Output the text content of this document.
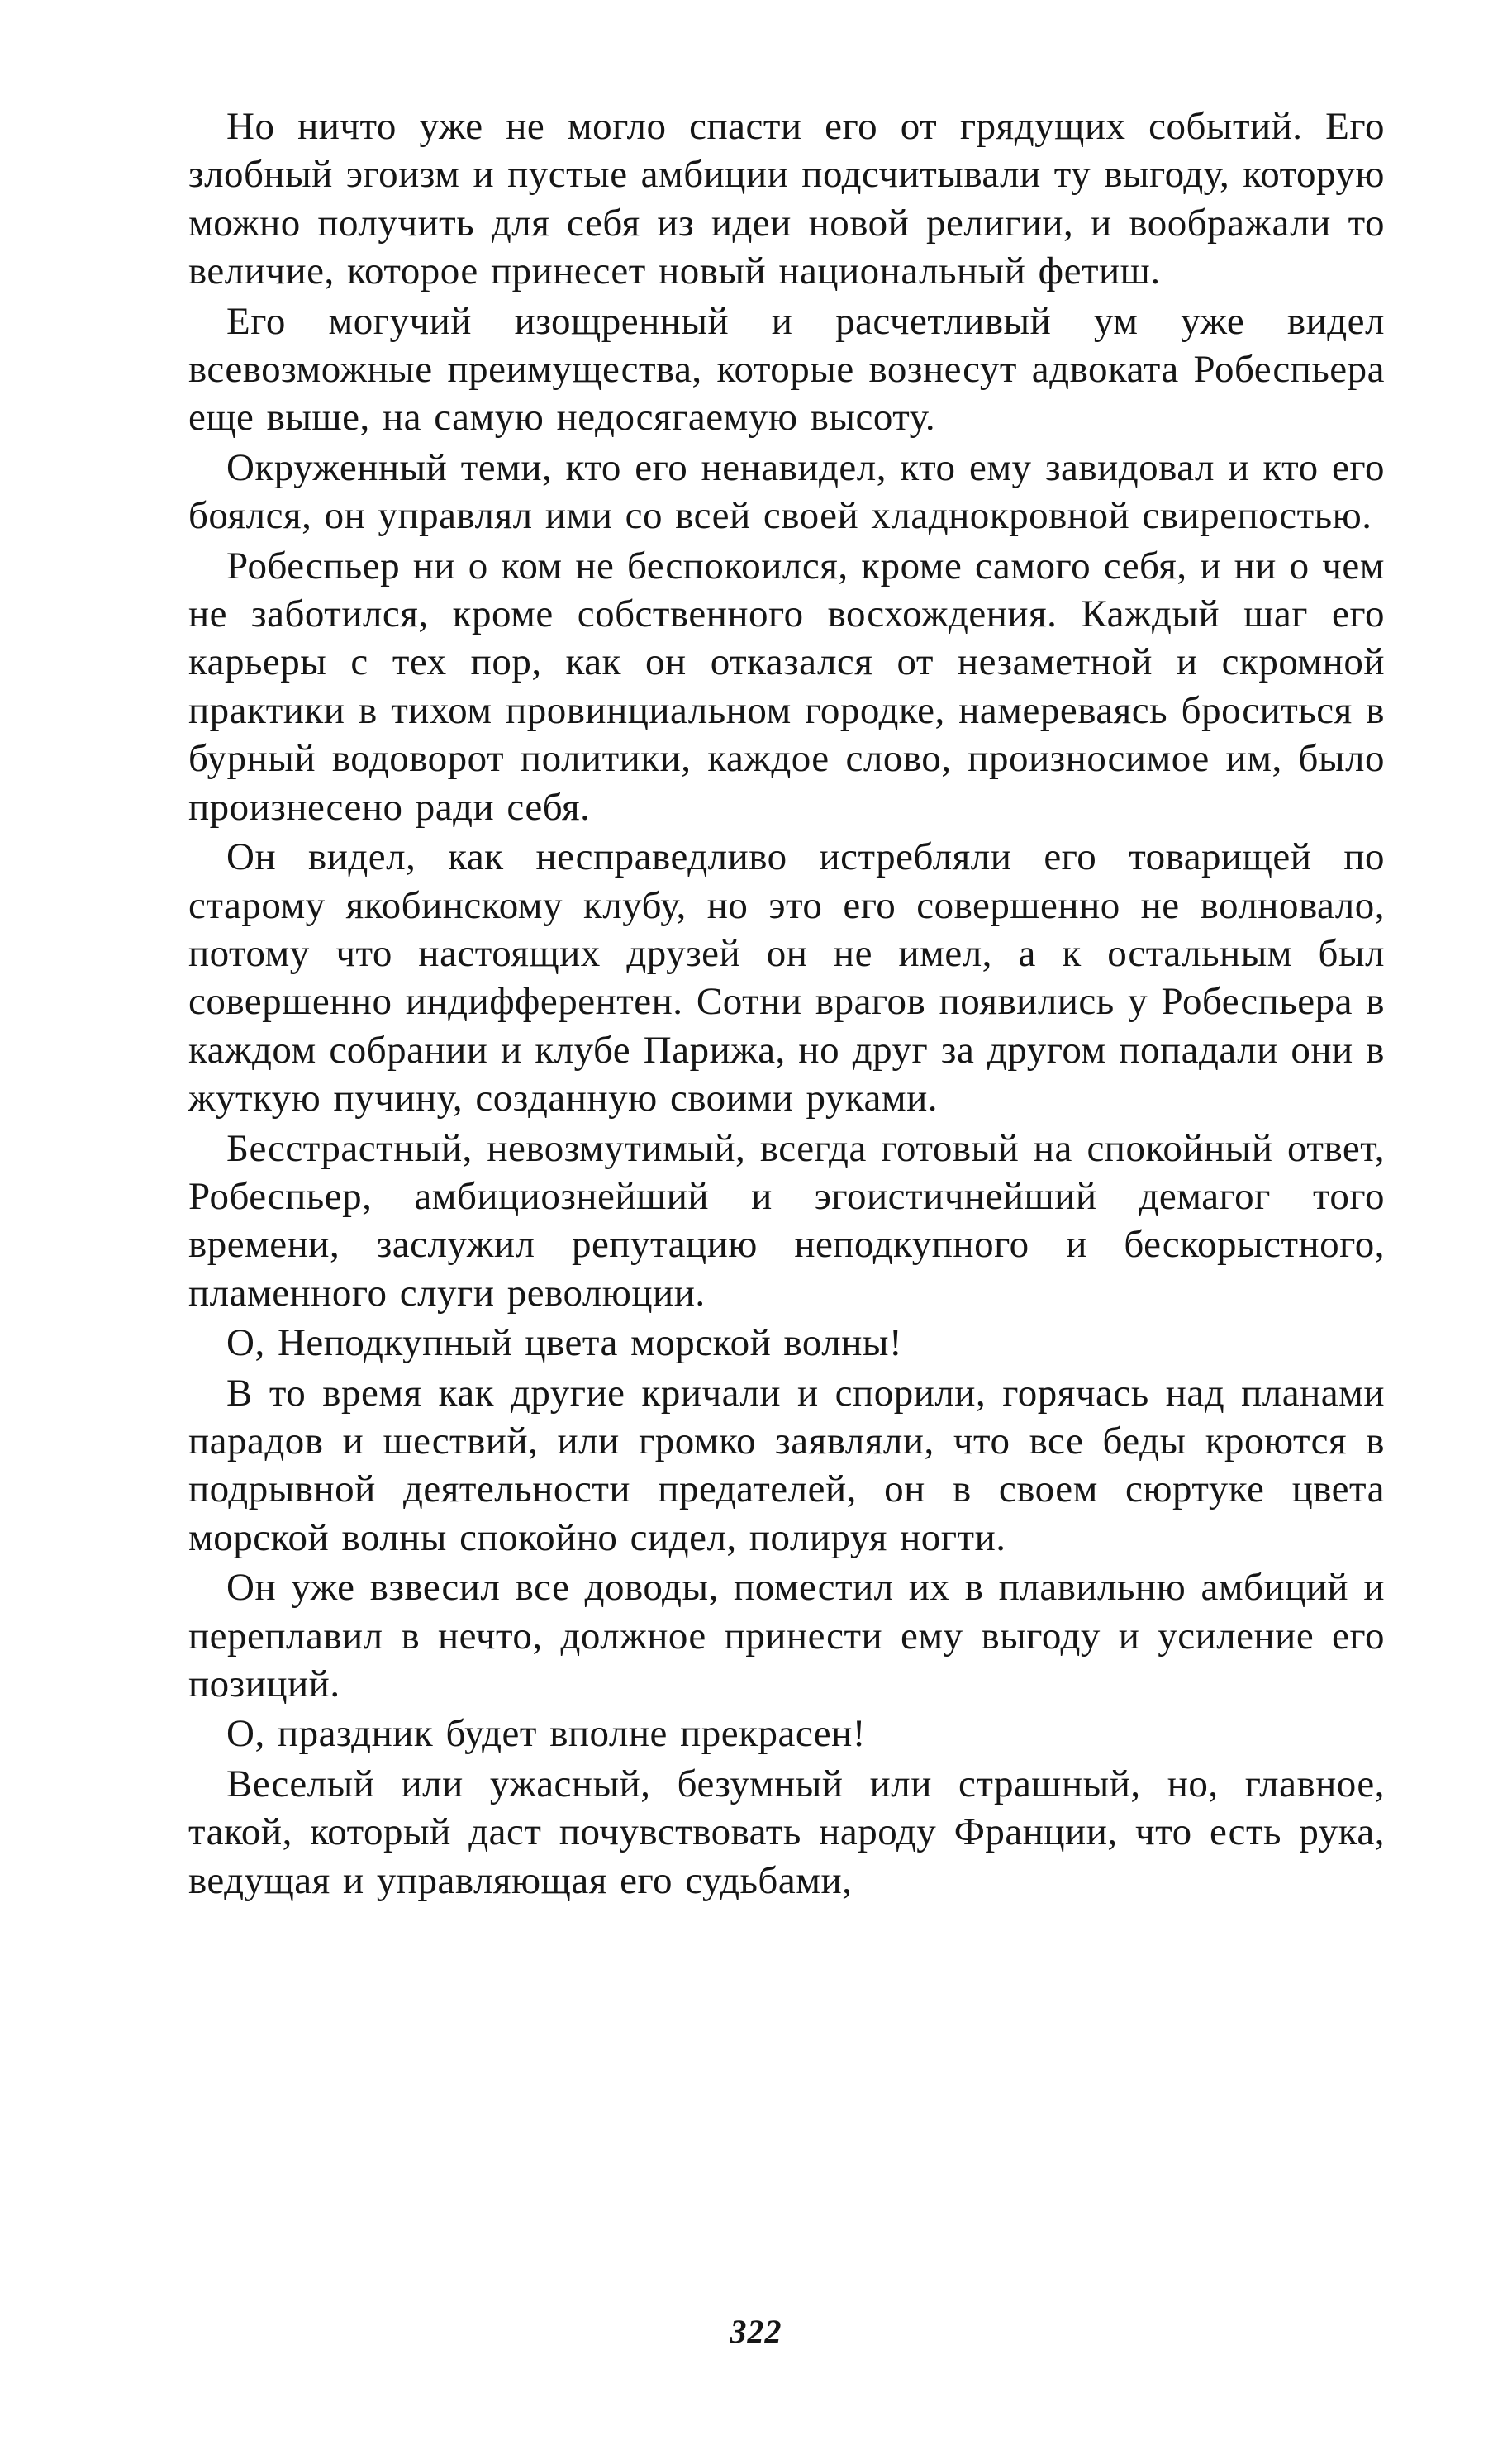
Но ничто уже не могло спасти его от грядущих событий. Его злобный эгоизм и пустые амбиции подсчитывали ту выгоду, которую можно получить для себя из идеи новой религии, и воображали то величие, которое принесет новый национальный фетиш.

Его могучий изощренный и расчетливый ум уже видел всевозможные преимущества, которые вознесут адвоката Робеспьера еще выше, на самую недосягаемую высоту.

Окруженный теми, кто его ненавидел, кто ему завидовал и кто его боялся, он управлял ими со всей своей хладнокровной свирепостью.

Робеспьер ни о ком не беспокоился, кроме самого себя, и ни о чем не заботился, кроме собственного восхождения. Каждый шаг его карьеры с тех пор, как он отказался от незаметной и скромной практики в тихом провинциальном городке, намереваясь броситься в бурный водоворот политики, каждое слово, произносимое им, было произнесено ради себя.

Он видел, как несправедливо истребляли его товарищей по старому якобинскому клубу, но это его совершенно не волновало, потому что настоящих друзей он не имел, а к остальным был совершенно индифферентен. Сотни врагов появились у Робеспьера в каждом собрании и клубе Парижа, но друг за другом попадали они в жуткую пучину, созданную своими руками.

Бесстрастный, невозмутимый, всегда готовый на спокойный ответ, Робеспьер, амбициознейший и эгоистичнейший демагог того времени, заслужил репутацию неподкупного и бескорыстного, пламенного слуги революции.

О, Неподкупный цвета морской волны!

В то время как другие кричали и спорили, горячась над планами парадов и шествий, или громко заявляли, что все беды кроются в подрывной деятельности предателей, он в своем сюртуке цвета морской волны спокойно сидел, полируя ногти.

Он уже взвесил все доводы, поместил их в плавильню амбиций и переплавил в нечто, должное принести ему выгоду и усиление его позиций.

О, праздник будет вполне прекрасен!

Веселый или ужасный, безумный или страшный, но, главное, такой, который даст почувствовать народу Франции, что есть рука, ведущая и управляющая его судьбами,

322
